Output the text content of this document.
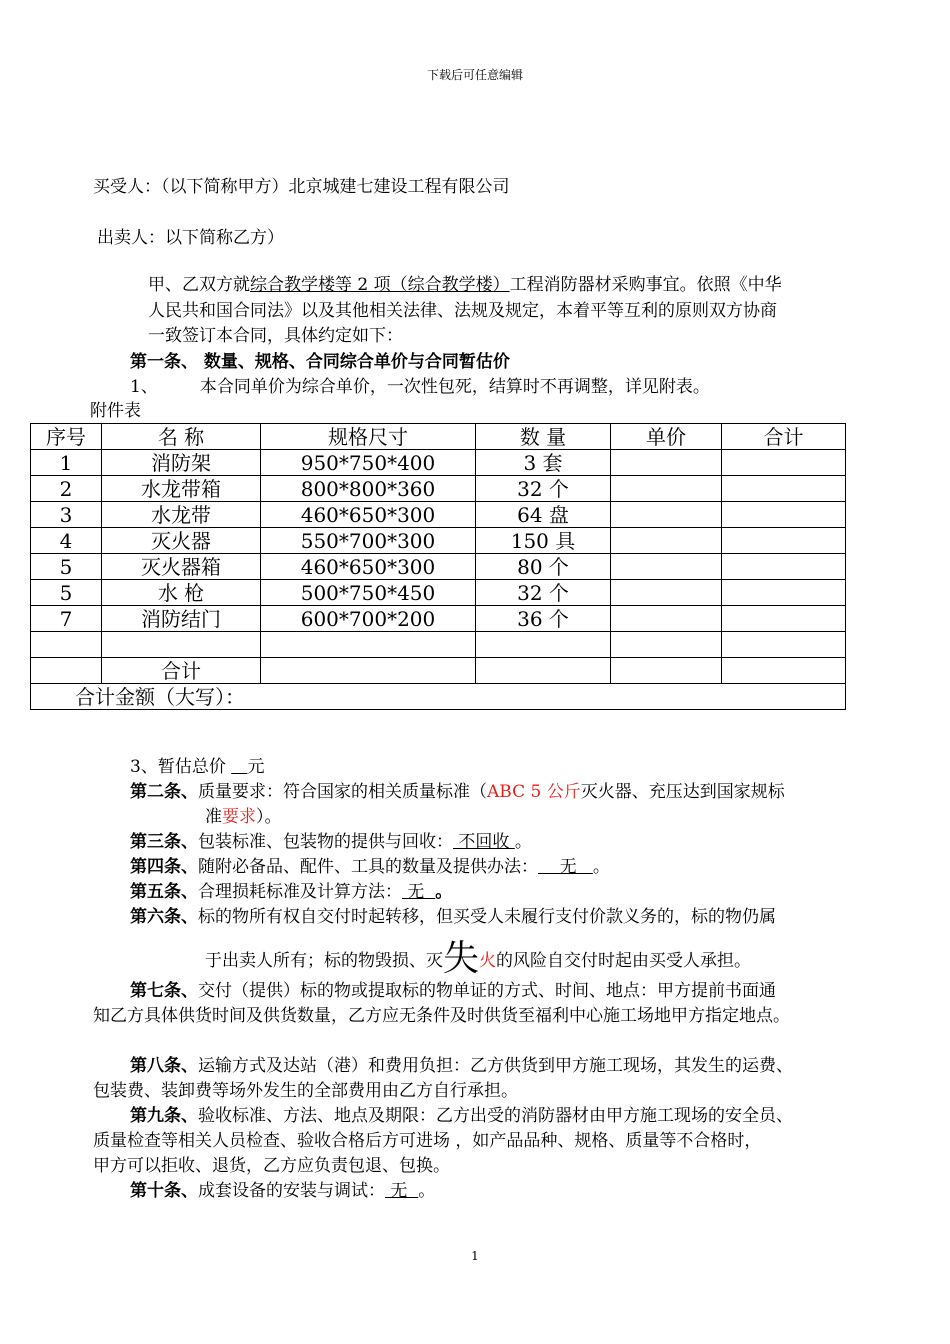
下载后可任意编辑
买受人：（以下简称甲方）北京城建七建设工程有限公司
出卖人：以下简称乙方）
甲、乙双方就综合教学楼等 2 项（综合教学楼）工程消防器材采购事宜。依照《中华
人民共和国合同法》以及其他相关法律、法规及规定，本着平等互利的原则双方协商
一致签订本合同，具体约定如下：
第一条、 数量、规格、合同综合单价与合同暂估价
1、 本合同单价为综合单价，一次性包死，结算时不再调整，详见附表。
附件表
序号	名 称	规格尺寸	数 量	单价	合计
1	消防架	950*750*400	3 套		
2	水龙带箱	800*800*360	32 个		
3	水龙带	460*650*300	64 盘		
4	灭火器	550*700*300	150 具		
5	灭火器箱	460*650*300	80 个		
5	水 枪	500*750*450	32 个		
7	消防结门	600*700*200	36 个		

	合计				
合计金额（大写）：					
3、暂估总价    元
第二条、质量要求：符合国家的相关质量标准（ABC 5 公斤灭火器、充压达到国家规标
准要求）。
第三条、包装标准、包装物的提供与回收： 不回收 。
第四条、随附必备品、配件、工具的数量及提供办法：    无   。
第五条、合理损耗标准及计算方法： 无  。
第六条、标的物所有权自交付时起转移，但买受人未履行支付价款义务的，标的物仍属
于出卖人所有；标的物毁损、灭失火的风险自交付时起由买受人承担。
第七条、交付（提供）标的物或提取标的物单证的方式、时间、地点：甲方提前书面通
知乙方具体供货时间及供货数量，乙方应无条件及时供货至福利中心施工场地甲方指定地点。
第八条、运输方式及达站（港）和费用负担：乙方供货到甲方施工现场，其发生的运费、
包装费、装卸费等场外发生的全部费用由乙方自行承担。
第九条、验收标准、方法、地点及期限：乙方出受的消防器材由甲方施工现场的安全员、
质量检查等相关人员检查、验收合格后方可进场 ，如产品品种、规格、质量等不合格时，
甲方可以拒收、退货，乙方应负责包退、包换。
第十条、成套设备的安装与调试： 无  。
1
